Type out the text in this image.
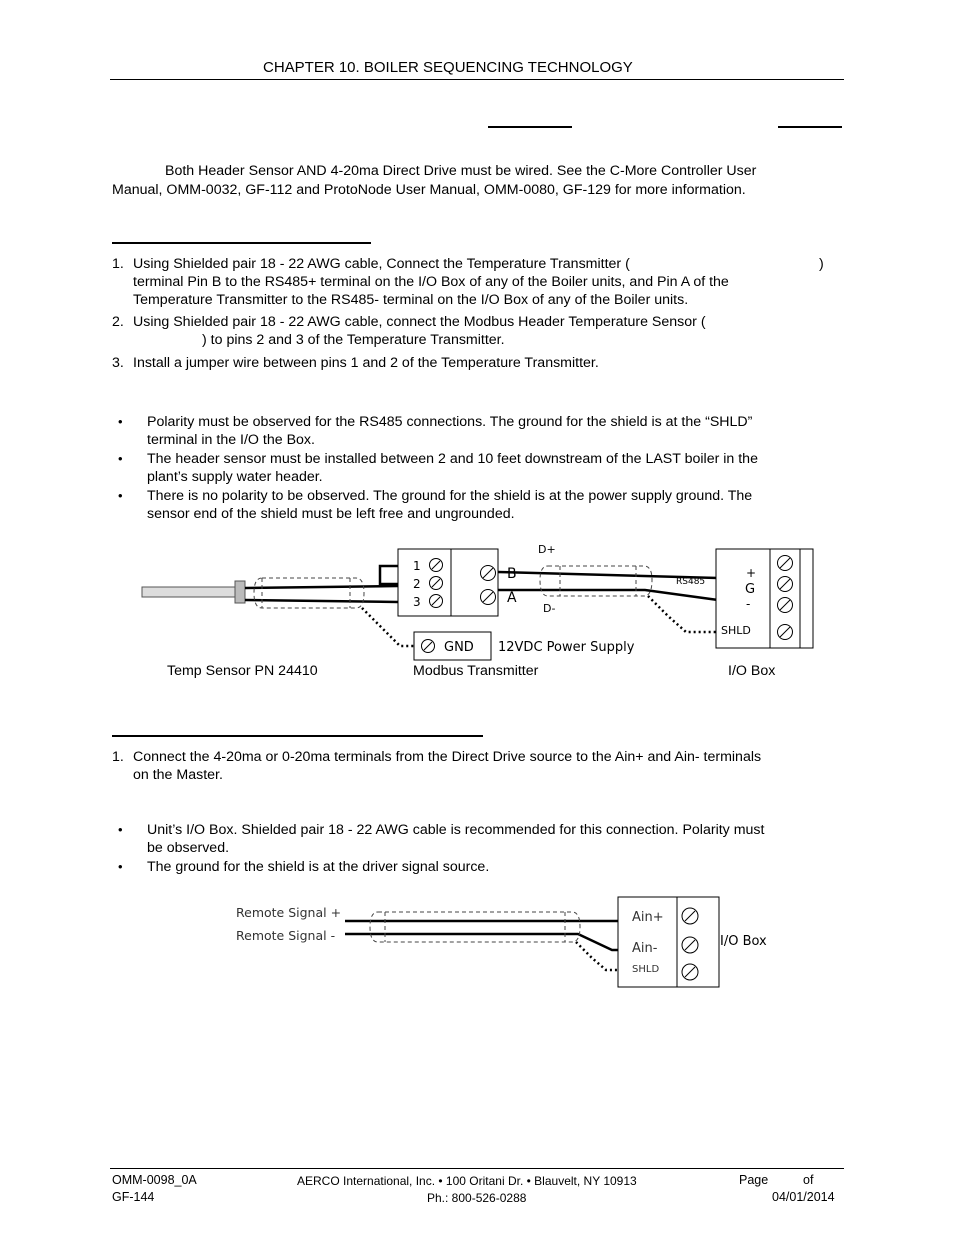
CHAPTER 10. BOILER SEQUENCING TECHNOLOGY
Both Header Sensor AND 4-20ma Direct Drive must be wired. See the C-More Controller User
Manual, OMM-0032, GF-112 and ProtoNode User Manual, OMM-0080, GF-129 for more information.
1. Using Shielded pair 18 - 22 AWG cable, Connect the Temperature Transmitter (	)
terminal Pin B to the RS485+ terminal on the I/O Box of any of the Boiler units, and Pin A of the
Temperature Transmitter to the RS485- terminal on the I/O Box of any of the Boiler units.
2. Using Shielded pair 18 - 22 AWG cable, connect the Modbus Header Temperature Sensor (
) to pins 2 and 3 of the Temperature Transmitter.
3. Install a jumper wire between pins 1 and 2 of the Temperature Transmitter.
• Polarity must be observed for the RS485 connections. The ground for the shield is at the “SHLD”
terminal in the I/O the Box.
• The header sensor must be installed between 2 and 10 feet downstream of the LAST boiler in the
plant’s supply water header.
• There is no polarity to be observed. The ground for the shield is at the power supply ground. The
sensor end of the shield must be left free and ungrounded.
1
2
3
B
A
D+
D-
RS485
+
G
-
SHLD
GND 12VDC Power Supply
Temp Sensor PN 24410	Modbus Transmitter	I/O Box
1. Connect the 4-20ma or 0-20ma terminals from the Direct Drive source to the Ain+ and Ain- terminals
on the Master.
• Unit’s I/O Box. Shielded pair 18 - 22 AWG cable is recommended for this connection. Polarity must
be observed.
• The ground for the shield is at the driver signal source.
Remote Signal +
Remote Signal -
Ain+
Ain-
SHLD
I/O Box
OMM-0098_0A
GF-144
AERCO International, Inc. • 100 Oritani Dr. • Blauvelt, NY 10913
Ph.: 800-526-0288
Page	of
04/01/2014
